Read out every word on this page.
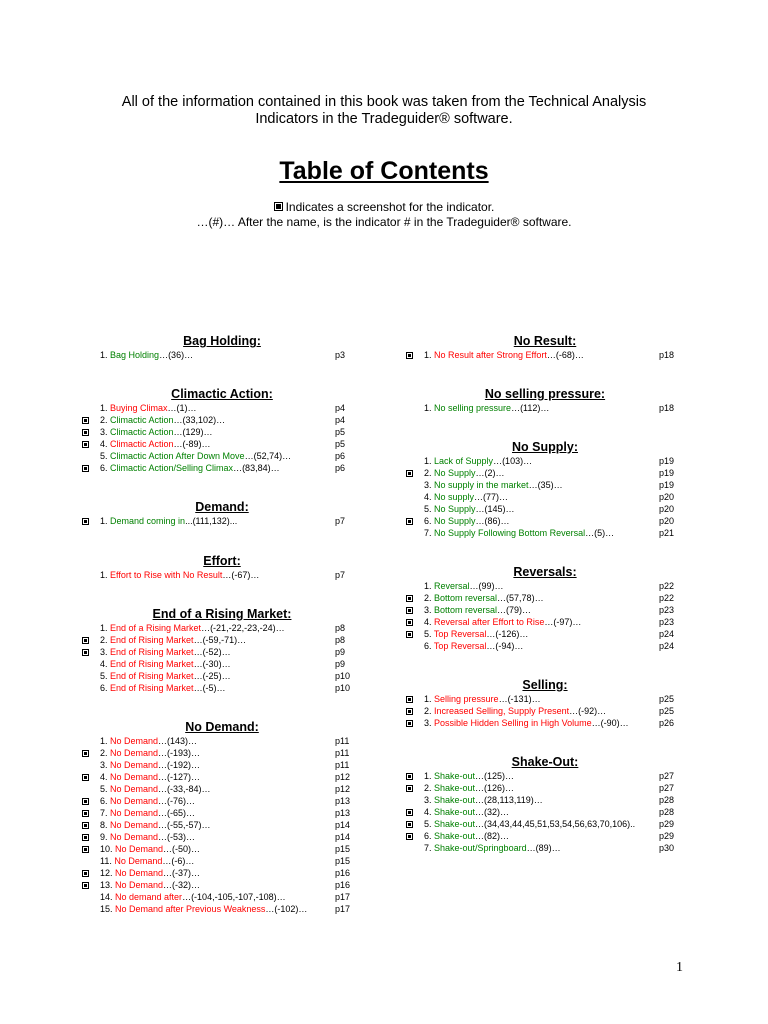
All of the information contained in this book was taken from the Technical Analysis
Indicators in the Tradeguider® software.
Table of Contents
Indicates a screenshot for the indicator.
…(#)… After the name, is the indicator # in the Tradeguider® software.
Bag Holding:
1. Bag Holding…(36)…	p3
Climactic Action:
1. Buying Climax…(1)…	p4
2. Climactic Action…(33,102)…	p4
3. Climactic Action…(129)…	p5
4. Climactic Action…(-89)…	p5
5. Climactic Action After Down Move…(52,74)…	p6
6. Climactic Action/Selling Climax…(83,84)…	p6
Demand:
1. Demand coming in...(111,132)...	p7
Effort:
1. Effort to Rise with No Result…(-67)…	p7
End of a Rising Market:
1. End of a Rising Market…(-21,-22,-23,-24)…	p8
2. End of Rising Market…(-59,-71)…	p8
3. End of Rising Market…(-52)…	p9
4. End of Rising Market…(-30)…	p9
5. End of Rising Market…(-25)…	p10
6. End of Rising Market…(-5)…	p10
No Demand:
1. No Demand…(143)…	p11
2. No Demand…(-193)…	p11
3. No Demand…(-192)…	p11
4. No Demand…(-127)…	p12
5. No Demand…(-33,-84)…	p12
6. No Demand…(-76)…	p13
7. No Demand…(-65)…	p13
8. No Demand…(-55,-57)…	p14
9. No Demand…(-53)…	p14
10. No Demand…(-50)…	p15
11. No Demand…(-6)…	p15
12. No Demand…(-37)…	p16
13. No Demand…(-32)…	p16
14. No demand after…(-104,-105,-107,-108)…	p17
15. No Demand after Previous Weakness…(-102)…	p17
No Result:
1. No Result after Strong Effort…(-68)…	p18
No selling pressure:
1. No selling pressure…(112)…	p18
No Supply:
1. Lack of Supply…(103)…	p19
2. No Supply…(2)…	p19
3. No supply in the market…(35)…	p19
4. No supply…(77)…	p20
5. No Supply…(145)…	p20
6. No Supply…(86)…	p20
7. No Supply Following Bottom Reversal…(5)…	p21
Reversals:
1. Reversal…(99)…	p22
2. Bottom reversal…(57,78)…	p22
3. Bottom reversal…(79)…	p23
4. Reversal after Effort to Rise…(-97)…	p23
5. Top Reversal…(-126)…	p24
6. Top Reversal…(-94)…	p24
Selling:
1. Selling pressure…(-131)…	p25
2. Increased Selling, Supply Present…(-92)…	p25
3. Possible Hidden Selling in High Volume…(-90)…	p26
Shake-Out:
1. Shake-out…(125)…	p27
2. Shake-out…(126)…	p27
3. Shake-out…(28,113,119)…	p28
4. Shake-out…(32)…	p28
5. Shake-out…(34,43,44,45,51,53,54,56,63,70,106)..	p29
6. Shake-out…(82)…	p29
7. Shake-out/Springboard…(89)…	p30
1
